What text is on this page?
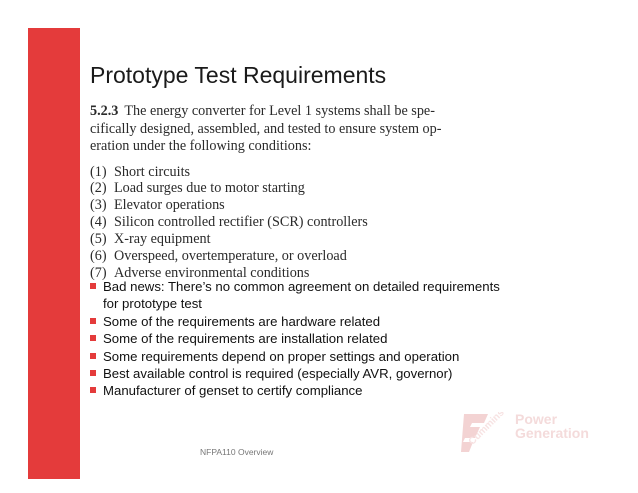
Prototype Test Requirements
5.2.3 The energy converter for Level 1 systems shall be spe-
cifically designed, assembled, and tested to ensure system op-
eration under the following conditions:
(1) Short circuits
(2) Load surges due to motor starting
(3) Elevator operations
(4) Silicon controlled rectifier (SCR) controllers
(5) X-ray equipment
(6) Overspeed, overtemperature, or overload
(7) Adverse environmental conditions
Bad news: There’s no common agreement on detailed requirements
for prototype test
Some of the requirements are hardware related
Some of the requirements are installation related
Some requirements depend on proper settings and operation
Best available control is required (especially AVR, governor)
Manufacturer of genset to certify compliance
NFPA110 Overview
Cummins Power
Generation
